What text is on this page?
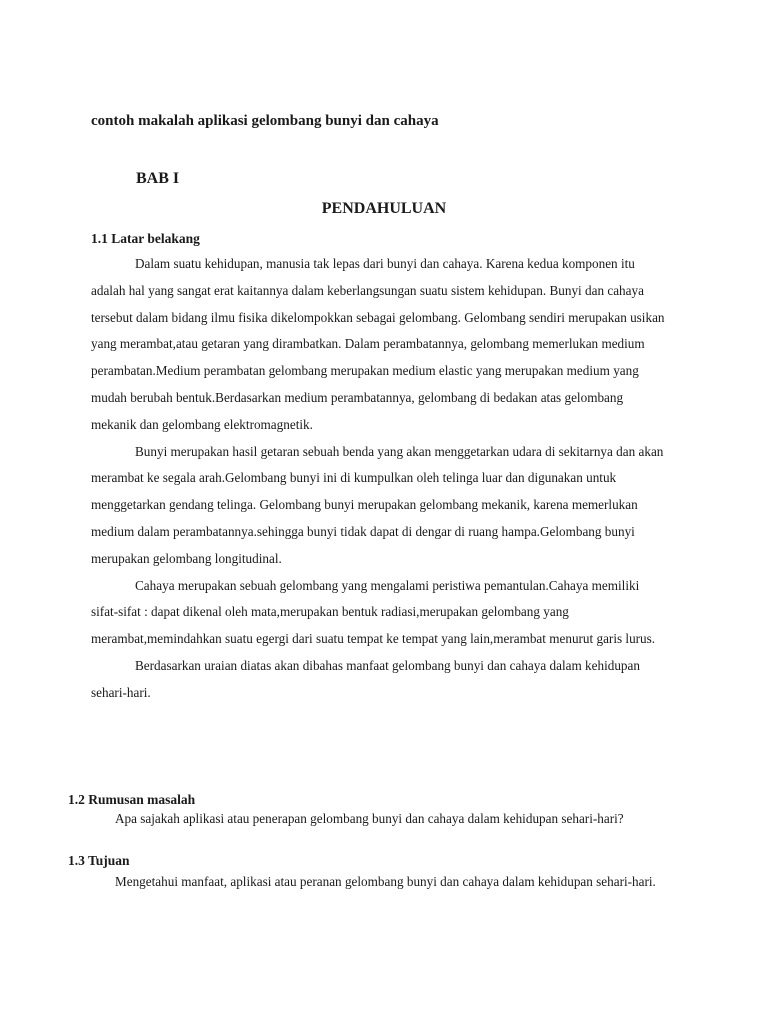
contoh makalah aplikasi gelombang bunyi dan cahaya
BAB I
PENDAHULUAN
1.1 Latar belakang

Dalam suatu kehidupan, manusia tak lepas dari bunyi dan cahaya. Karena kedua komponen itu adalah hal yang sangat erat kaitannya dalam keberlangsungan suatu sistem kehidupan. Bunyi dan cahaya tersebut dalam bidang ilmu fisika dikelompokkan sebagai gelombang. Gelombang sendiri merupakan usikan yang merambat,atau getaran yang dirambatkan. Dalam perambatannya, gelombang memerlukan medium perambatan.Medium perambatan gelombang merupakan medium elastic yang merupakan medium yang mudah berubah bentuk.Berdasarkan medium perambatannya, gelombang di bedakan atas gelombang mekanik dan gelombang elektromagnetik.

Bunyi merupakan hasil getaran sebuah benda yang akan menggetarkan udara di sekitarnya dan akan merambat ke segala arah.Gelombang bunyi ini di kumpulkan oleh telinga luar dan digunakan untuk menggetarkan gendang telinga. Gelombang bunyi merupakan gelombang mekanik, karena memerlukan medium dalam perambatannya.sehingga bunyi tidak dapat di dengar di ruang hampa.Gelombang bunyi merupakan gelombang longitudinal.

Cahaya merupakan sebuah gelombang yang mengalami peristiwa pemantulan.Cahaya memiliki sifat-sifat : dapat dikenal oleh mata,merupakan bentuk radiasi,merupakan gelombang yang merambat,memindahkan suatu egergi dari suatu tempat ke tempat yang lain,merambat menurut garis lurus.

Berdasarkan uraian diatas akan dibahas manfaat gelombang bunyi dan cahaya dalam kehidupan sehari-hari.

1.2 Rumusan masalah

Apa sajakah aplikasi atau penerapan gelombang bunyi dan cahaya dalam kehidupan sehari-hari?

1.3 Tujuan

Mengetahui manfaat, aplikasi atau peranan gelombang bunyi dan cahaya dalam kehidupan sehari-hari.
